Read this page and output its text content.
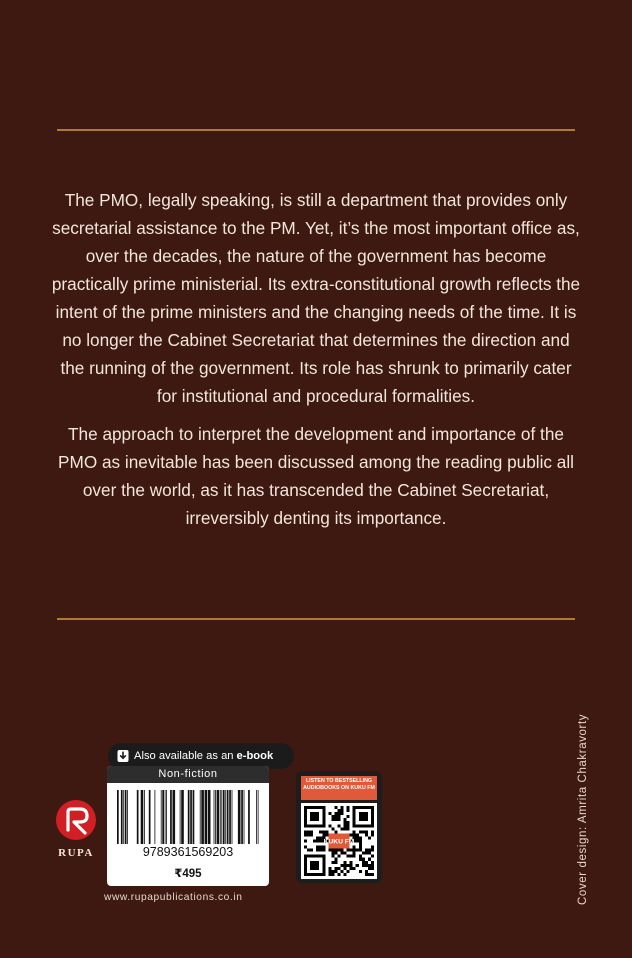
The PMO, legally speaking, is still a department that provides only secretarial assistance to the PM. Yet, it’s the most important office as, over the decades, the nature of the government has become practically prime ministerial. Its extra-constitutional growth reflects the intent of the prime ministers and the changing needs of the time. It is no longer the Cabinet Secretariat that determines the direction and the running of the government. Its role has shrunk to primarily cater for institutional and procedural formalities.

The approach to interpret the development and importance of the PMO as inevitable has been discussed among the reading public all over the world, as it has transcended the Cabinet Secretariat, irreversibly denting its importance.

Cover design: Amrita Chakravorty
RUPA
Also available as an e-book
Non-fiction
9789361569203
₹495
www.rupapublications.co.in
LISTEN TO BESTSELLING AUDIOBOOKS ON KUKU FM
KUKU FM
